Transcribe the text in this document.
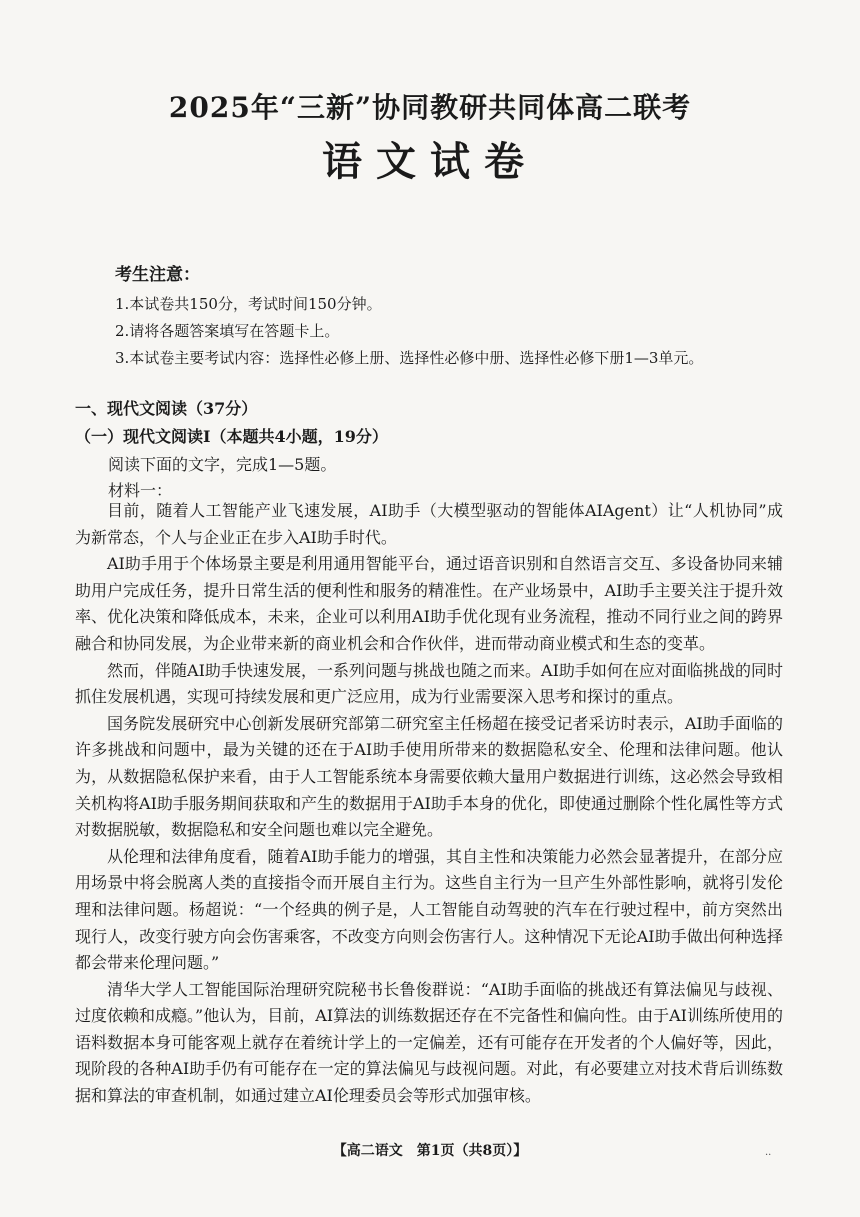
2025年“三新”协同教研共同体高二联考
语文试卷
考生注意：
1.本试卷共150分，考试时间150分钟。
2.请将各题答案填写在答题卡上。
3.本试卷主要考试内容：选择性必修上册、选择性必修中册、选择性必修下册1—3单元。
一、现代文阅读（37分）
（一）现代文阅读Ⅰ（本题共4小题，19分）
阅读下面的文字，完成1—5题。
材料一：

目前，随着人工智能产业飞速发展，AI助手（大模型驱动的智能体AIAgent）让“人机协同”成为新常态，个人与企业正在步入AI助手时代。

AI助手用于个体场景主要是利用通用智能平台，通过语音识别和自然语言交互、多设备协同来辅助用户完成任务，提升日常生活的便利性和服务的精准性。在产业场景中，AI助手主要关注于提升效率、优化决策和降低成本，未来，企业可以利用AI助手优化现有业务流程，推动不同行业之间的跨界融合和协同发展，为企业带来新的商业机会和合作伙伴，进而带动商业模式和生态的变革。

然而，伴随AI助手快速发展，一系列问题与挑战也随之而来。AI助手如何在应对面临挑战的同时抓住发展机遇，实现可持续发展和更广泛应用，成为行业需要深入思考和探讨的重点。

国务院发展研究中心创新发展研究部第二研究室主任杨超在接受记者采访时表示，AI助手面临的许多挑战和问题中，最为关键的还在于AI助手使用所带来的数据隐私安全、伦理和法律问题。他认为，从数据隐私保护来看，由于人工智能系统本身需要依赖大量用户数据进行训练，这必然会导致相关机构将AI助手服务期间获取和产生的数据用于AI助手本身的优化，即使通过删除个性化属性等方式对数据脱敏，数据隐私和安全问题也难以完全避免。

从伦理和法律角度看，随着AI助手能力的增强，其自主性和决策能力必然会显著提升，在部分应用场景中将会脱离人类的直接指令而开展自主行为。这些自主行为一旦产生外部性影响，就将引发伦理和法律问题。杨超说：“一个经典的例子是，人工智能自动驾驶的汽车在行驶过程中，前方突然出现行人，改变行驶方向会伤害乘客，不改变方向则会伤害行人。这种情况下无论AI助手做出何种选择都会带来伦理问题。”

清华大学人工智能国际治理研究院秘书长鲁俊群说：“AI助手面临的挑战还有算法偏见与歧视、过度依赖和成瘾。”他认为，目前，AI算法的训练数据还存在不完备性和偏向性。由于AI训练所使用的语料数据本身可能客观上就存在着统计学上的一定偏差，还有可能存在开发者的个人偏好等，因此，现阶段的各种AI助手仍有可能存在一定的算法偏见与歧视问题。对此，有必要建立对技术背后训练数据和算法的审查机制，如通过建立AI伦理委员会等形式加强审核。

【高二语文　第1页（共8页）】	··
